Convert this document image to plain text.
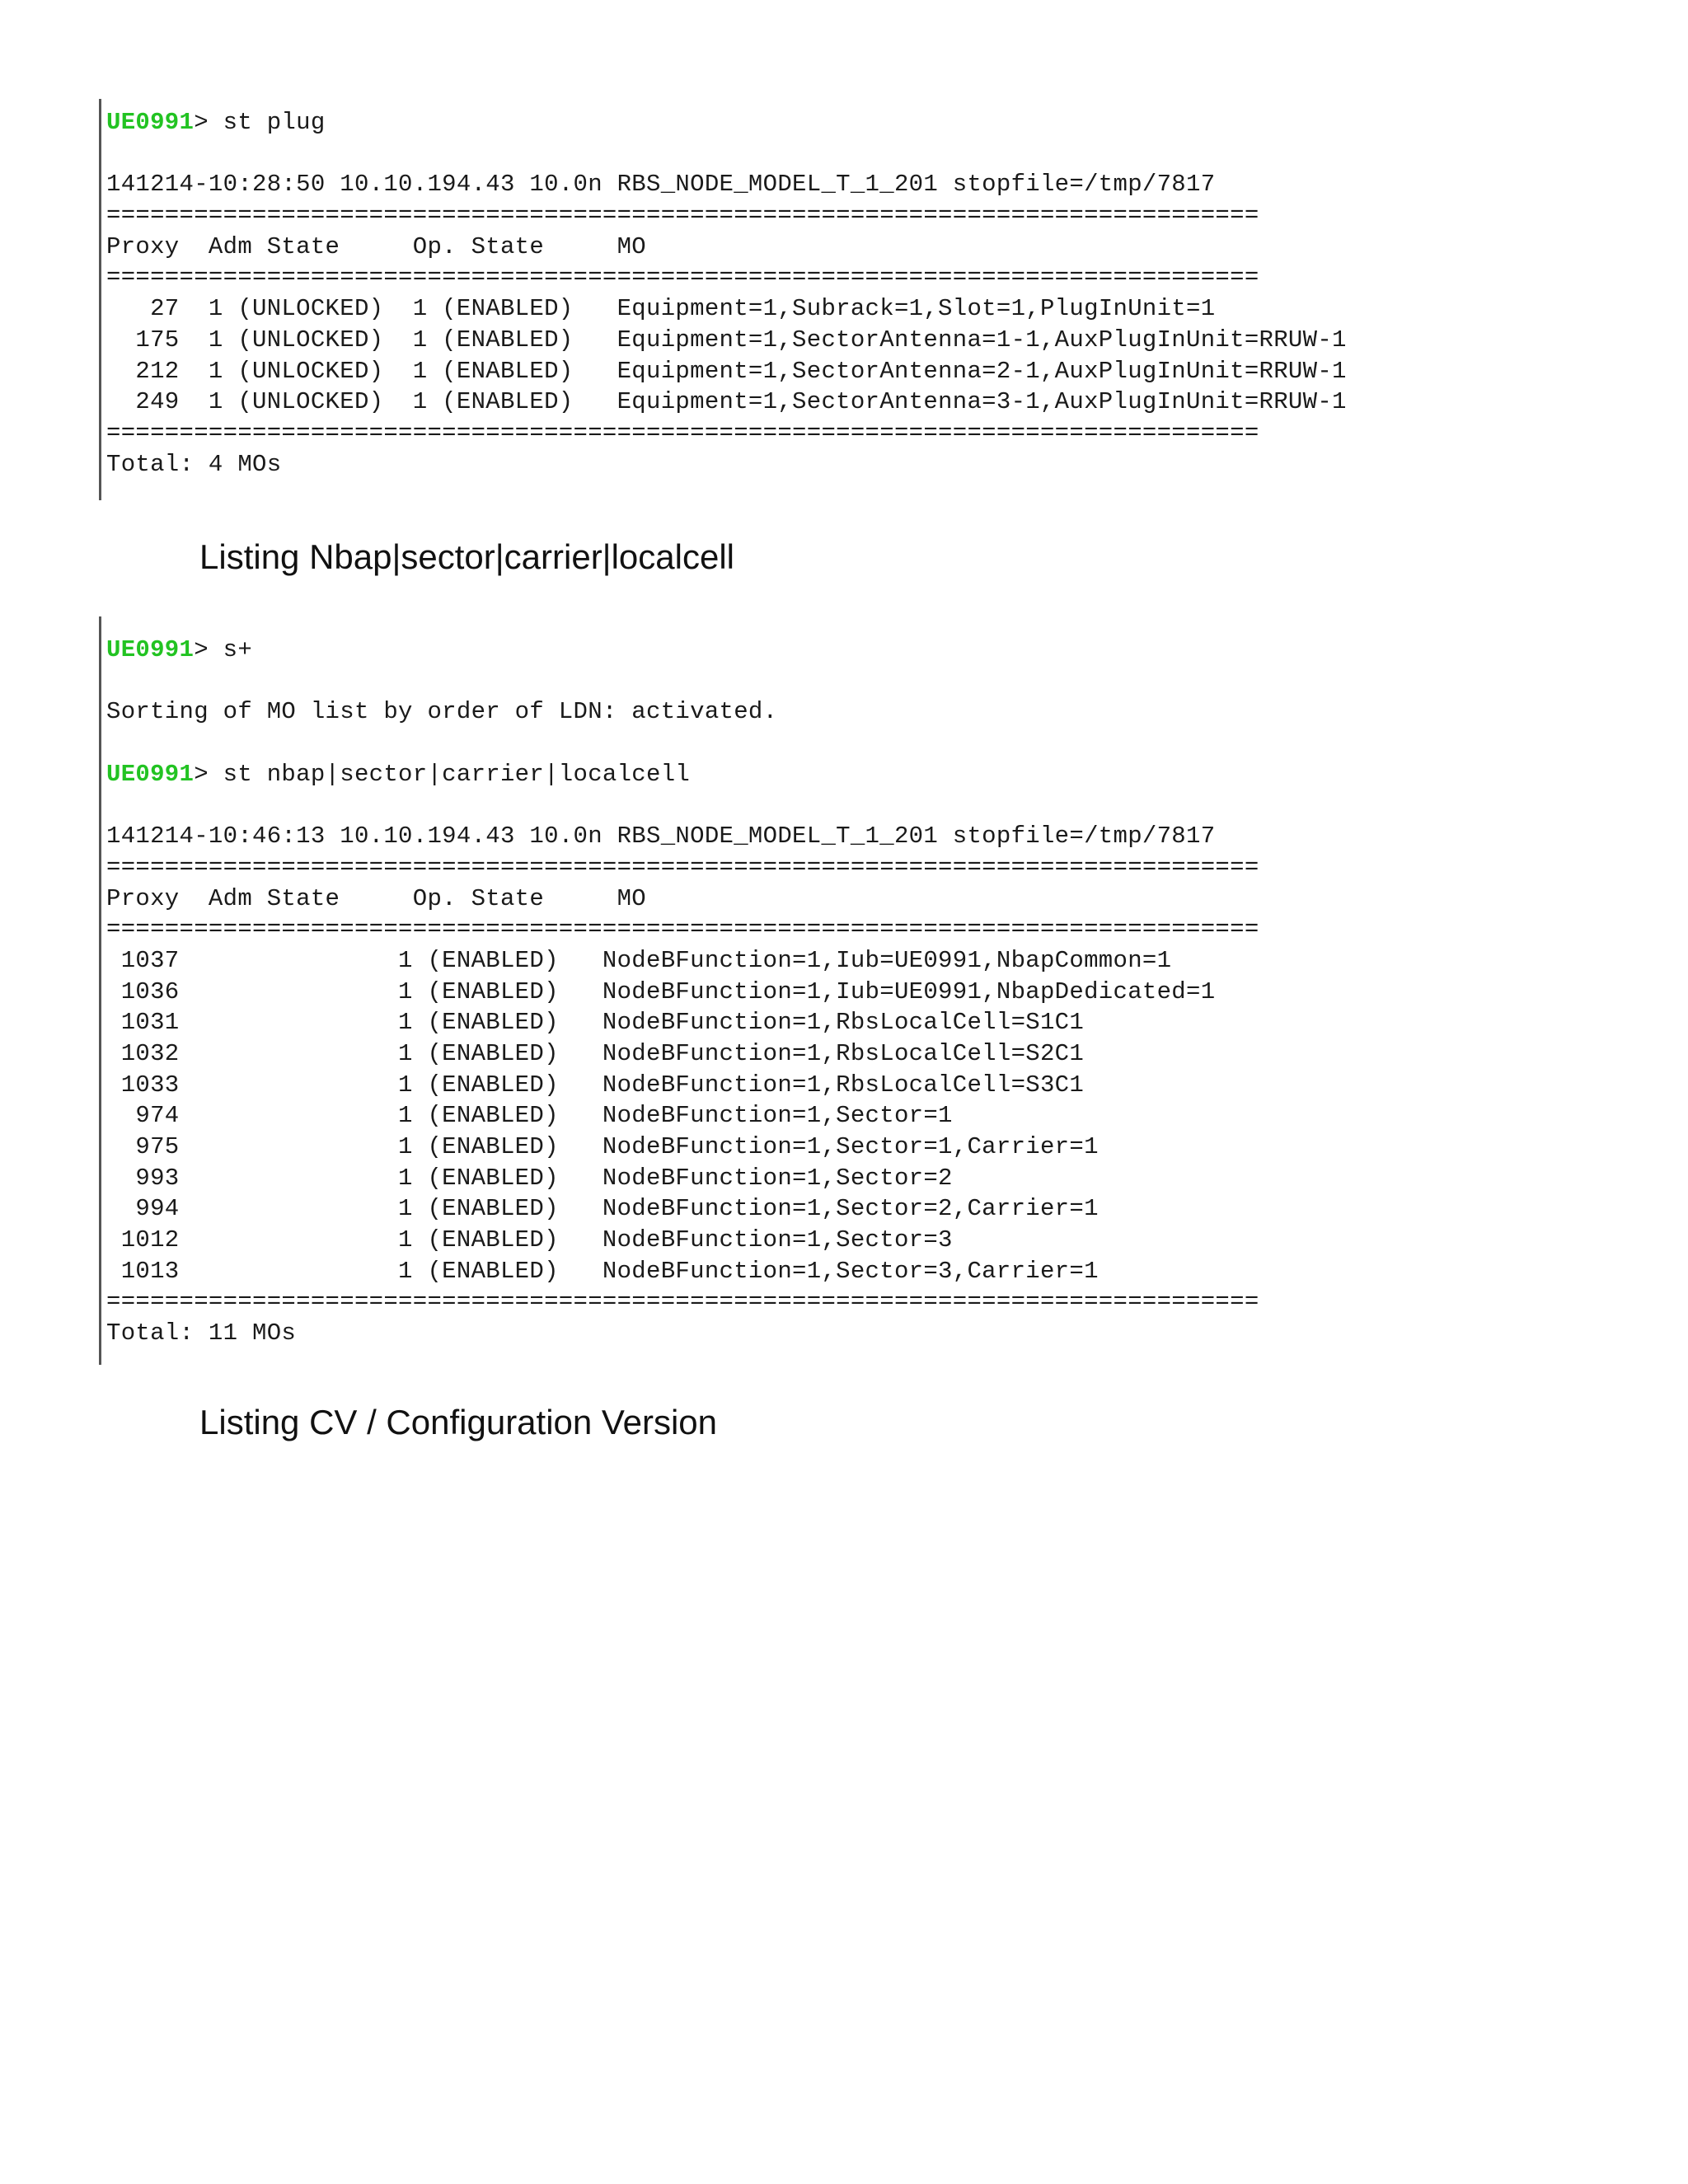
UE0991> st plug
141214-10:28:50 10.10.194.43 10.0n RBS_NODE_MODEL_T_1_201 stopfile=/tmp/7817
===============================================================================
Proxy  Adm State     Op. State     MO
===============================================================================
27  1 (UNLOCKED)  1 (ENABLED)   Equipment=1,Subrack=1,Slot=1,PlugInUnit=1
175  1 (UNLOCKED)  1 (ENABLED)   Equipment=1,SectorAntenna=1-1,AuxPlugInUnit=RRUW-1
212  1 (UNLOCKED)  1 (ENABLED)   Equipment=1,SectorAntenna=2-1,AuxPlugInUnit=RRUW-1
249  1 (UNLOCKED)  1 (ENABLED)   Equipment=1,SectorAntenna=3-1,AuxPlugInUnit=RRUW-1
===============================================================================
Total: 4 MOs
Listing Nbap|sector|carrier|localcell
UE0991> s+
Sorting of MO list by order of LDN: activated.
UE0991> st nbap|sector|carrier|localcell
141214-10:46:13 10.10.194.43 10.0n RBS_NODE_MODEL_T_1_201 stopfile=/tmp/7817
===============================================================================
Proxy  Adm State     Op. State     MO
===============================================================================
1037               1 (ENABLED)   NodeBFunction=1,Iub=UE0991,NbapCommon=1
1036               1 (ENABLED)   NodeBFunction=1,Iub=UE0991,NbapDedicated=1
1031               1 (ENABLED)   NodeBFunction=1,RbsLocalCell=S1C1
1032               1 (ENABLED)   NodeBFunction=1,RbsLocalCell=S2C1
1033               1 (ENABLED)   NodeBFunction=1,RbsLocalCell=S3C1
974               1 (ENABLED)   NodeBFunction=1,Sector=1
975               1 (ENABLED)   NodeBFunction=1,Sector=1,Carrier=1
993               1 (ENABLED)   NodeBFunction=1,Sector=2
994               1 (ENABLED)   NodeBFunction=1,Sector=2,Carrier=1
1012               1 (ENABLED)   NodeBFunction=1,Sector=3
1013               1 (ENABLED)   NodeBFunction=1,Sector=3,Carrier=1
===============================================================================
Total: 11 MOs
Listing CV / Configuration Version
